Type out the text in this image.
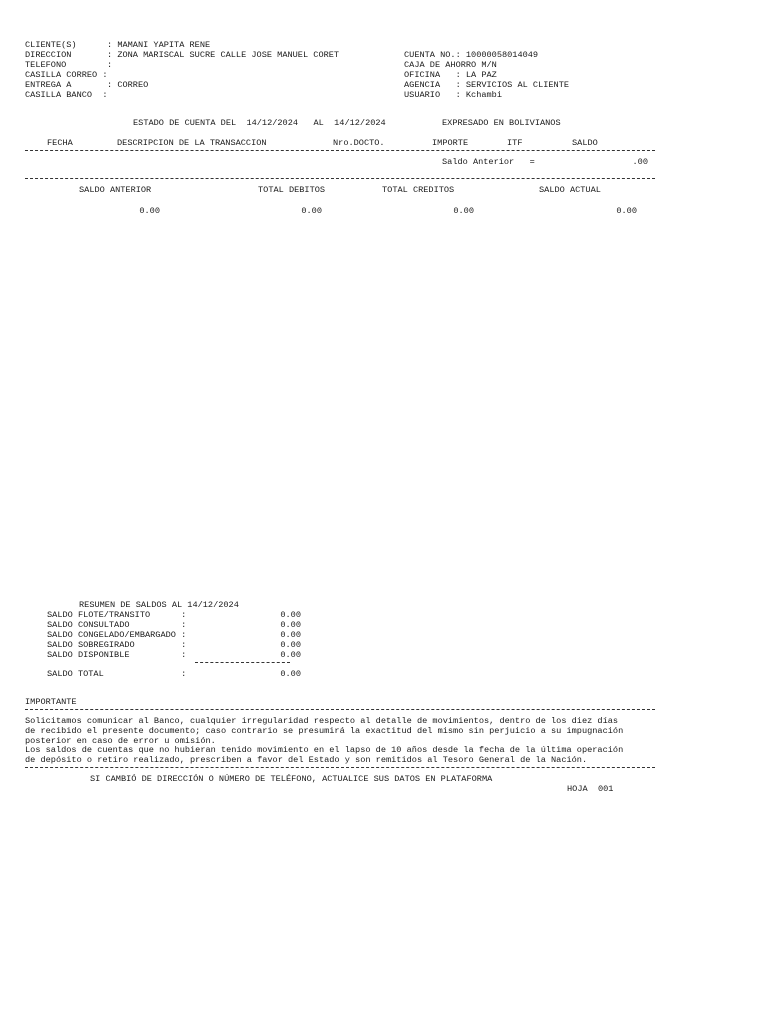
CLIENTE(S)	: MAMANI YAPITA RENE
DIRECCION	: ZONA MARISCAL SUCRE CALLE JOSE MANUEL CORET
TELEFONO	:
CASILLA CORREO :
ENTREGA A	: CORREO
CASILLA BANCO  :
CUENTA NO.: 10000058014049
CAJA DE AHORRO M/N
OFICINA   : LA PAZ
AGENCIA   : SERVICIOS AL CLIENTE
USUARIO   : Kchambi
ESTADO DE CUENTA DEL  14/12/2024   AL  14/12/2024	EXPRESADO EN BOLIVIANOS
FECHA	DESCRIPCION DE LA TRANSACCION	Nro.DOCTO.	IMPORTE	ITF	SALDO
Saldo Anterior   =	.00
SALDO ANTERIOR	TOTAL DEBITOS	TOTAL CREDITOS	SALDO ACTUAL
0.00	0.00	0.00	0.00
RESUMEN DE SALDOS AL 14/12/2024
SALDO FLOTE/TRANSITO      :	0.00
SALDO CONSULTADO          :	0.00
SALDO CONGELADO/EMBARGADO :	0.00
SALDO SOBREGIRADO         :	0.00
SALDO DISPONIBLE          :	0.00
SALDO TOTAL               :	0.00
IMPORTANTE
Solicitamos comunicar al Banco, cualquier irregularidad respecto al detalle de movimientos, dentro de los diez días
de recibido el presente documento; caso contrario se presumirá la exactitud del mismo sin perjuicio a su impugnación
posterior en caso de error u omisión.
Los saldos de cuentas que no hubieran tenido movimiento en el lapso de 10 años desde la fecha de la última operación
de depósito o retiro realizado, prescriben a favor del Estado y son remitidos al Tesoro General de la Nación.
SI CAMBIÓ DE DIRECCIÓN O NÚMERO DE TELÉFONO, ACTUALICE SUS DATOS EN PLATAFORMA
HOJA  001
